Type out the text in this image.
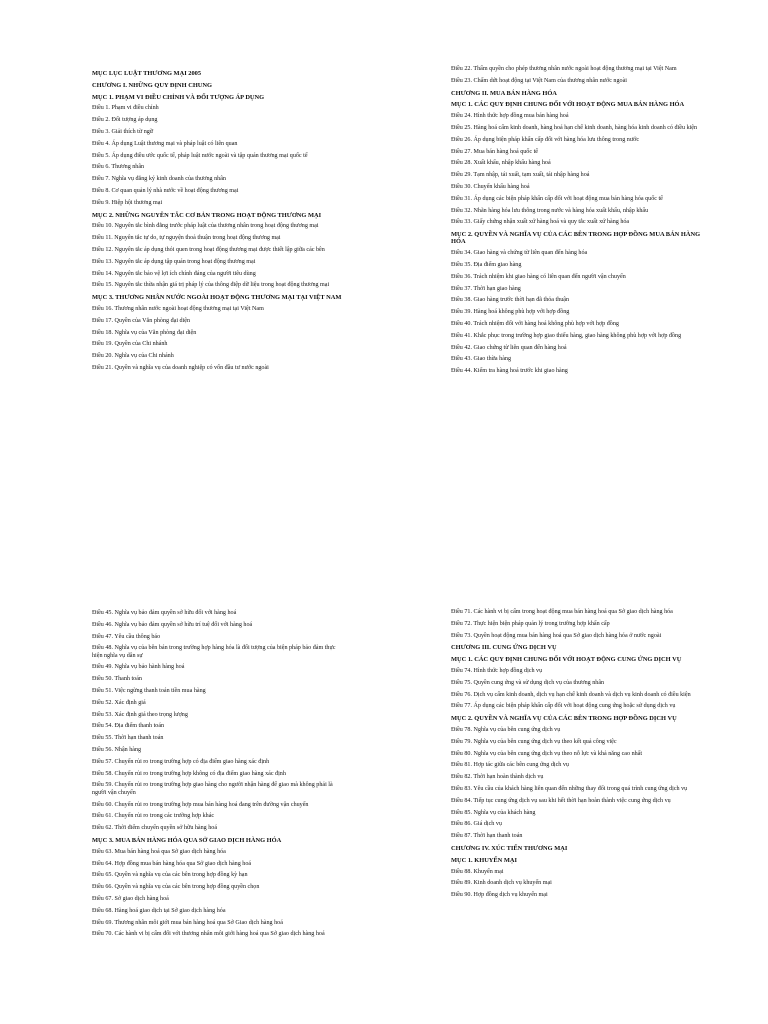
MỤC LỤC LUẬT THƯƠNG MẠI 2005
CHƯƠNG I. NHỮNG QUY ĐỊNH CHUNG
MỤC 1. PHẠM VI ĐIỀU CHỈNH VÀ ĐỐI TƯỢNG ÁP DỤNG
Điều 1. Phạm vi điều chỉnh
Điều 2. Đối tượng áp dụng
Điều 3. Giải thích từ ngữ
Điều 4. Áp dụng Luật thương mại và pháp luật có liên quan
Điều 5. Áp dụng điều ước quốc tế, pháp luật nước ngoài và tập quán thương mại quốc tế
Điều 6. Thương nhân
Điều 7. Nghĩa vụ đăng ký kinh doanh của thương nhân
Điều 8. Cơ quan quản lý nhà nước về hoạt động thương mại
Điều 9. Hiệp hội thương mại
MỤC 2. NHỮNG NGUYÊN TẮC CƠ BẢN TRONG HOẠT ĐỘNG THƯƠNG MẠI
Điều 10. Nguyên tắc bình đẳng trước pháp luật của thương nhân trong hoạt động thương mại
Điều 11. Nguyên tắc tự do, tự nguyện thoả thuận trong hoạt động thương mại
Điều 12. Nguyên tắc áp dụng thói quen trong hoạt động thương mại được thiết lập giữa các bên
Điều 13. Nguyên tắc áp dụng tập quán trong hoạt động thương mại
Điều 14. Nguyên tắc bảo vệ lợi ích chính đáng của người tiêu dùng
Điều 15. Nguyên tắc thừa nhận giá trị pháp lý của thông điệp dữ liệu trong hoạt động thương mại
MỤC 3. THƯƠNG NHÂN NƯỚC NGOÀI HOẠT ĐỘNG THƯƠNG MẠI TẠI VIỆT NAM
Điều 16. Thương nhân nước ngoài hoạt động thương mại tại Việt Nam
Điều 17. Quyền của Văn phòng đại diện
Điều 18. Nghĩa vụ của Văn phòng đại diện
Điều 19. Quyền của Chi nhánh
Điều 20. Nghĩa vụ của Chi nhánh
Điều 21. Quyền và nghĩa vụ của doanh nghiệp có vốn đầu tư nước ngoài
Điều 22. Thẩm quyền cho phép thương nhân nước ngoài hoạt động thương mại tại Việt Nam
Điều 23. Chấm dứt hoạt động tại Việt Nam của thương nhân nước ngoài
CHƯƠNG II. MUA BÁN HÀNG HÓA
MỤC 1. CÁC QUY ĐỊNH CHUNG ĐỐI VỚI HOẠT ĐỘNG MUA BÁN HÀNG HÓA
Điều 24. Hình thức hợp đồng mua bán hàng hoá
Điều 25. Hàng hoá cấm kinh doanh, hàng hoá hạn chế kinh doanh, hàng hóa kinh doanh có điều kiện
Điều 26. Áp dụng biện pháp khẩn cấp đối với hàng hóa lưu thông trong nước
Điều 27. Mua bán hàng hoá quốc tế
Điều 28. Xuất khẩu, nhập khẩu hàng hoá
Điều 29. Tạm nhập, tái xuất, tạm xuất, tái nhập hàng hoá
Điều 30. Chuyển khẩu hàng hoá
Điều 31. Áp dụng các biện pháp khẩn cấp đối với hoạt động mua bán hàng hóa quốc tế
Điều 32. Nhãn hàng hóa lưu thông trong nước và hàng hóa xuất khẩu, nhập khẩu
Điều 33. Giấy chứng nhận xuất xứ hàng hoá và quy tắc xuất xứ hàng hóa
MỤC 2. QUYỀN VÀ NGHĨA VỤ CỦA CÁC BÊN TRONG HỢP ĐỒNG MUA BÁN HÀNG HÓA
Điều 34. Giao hàng và chứng từ liên quan đến hàng hóa
Điều 35. Địa điểm giao hàng
Điều 36. Trách nhiệm khi giao hàng có liên quan đến người vận chuyển
Điều 37. Thời hạn giao hàng
Điều 38. Giao hàng trước thời hạn đã thỏa thuận
Điều 39. Hàng hoá không phù hợp với hợp đồng
Điều 40. Trách nhiệm đối với hàng hoá không phù hợp với hợp đồng
Điều 41. Khắc phục trong trường hợp giao thiếu hàng, giao hàng không phù hợp với hợp đồng
Điều 42. Giao chứng từ liên quan đến hàng hoá
Điều 43. Giao thừa hàng
Điều 44. Kiểm tra hàng hoá trước khi giao hàng
Điều 45. Nghĩa vụ bảo đảm quyền sở hữu đối với hàng hoá
Điều 46. Nghĩa vụ bảo đảm quyền sở hữu trí tuệ đối với hàng hoá
Điều 47. Yêu cầu thông báo
Điều 48. Nghĩa vụ của bên bán trong trường hợp hàng hóa là đối tượng của biện pháp bảo đảm thực hiện nghĩa vụ dân sự
Điều 49. Nghĩa vụ bảo hành hàng hoá
Điều 50. Thanh toán
Điều 51. Việc ngừng thanh toán tiền mua hàng
Điều 52. Xác định giá
Điều 53. Xác định giá theo trọng lượng
Điều 54. Địa điểm thanh toán
Điều 55. Thời hạn thanh toán
Điều 56. Nhận hàng
Điều 57. Chuyển rủi ro trong trường hợp có địa điểm giao hàng xác định
Điều 58. Chuyển rủi ro trong trường hợp không có địa điểm giao hàng xác định
Điều 59. Chuyển rủi ro trong trường hợp giao hàng cho người nhận hàng để giao mà không phải là người vận chuyển
Điều 60. Chuyển rủi ro trong trường hợp mua bán hàng hoá đang trên đường vận chuyển
Điều 61. Chuyển rủi ro trong các trường hợp khác
Điều 62. Thời điểm chuyển quyền sở hữu hàng hoá
MỤC 3. MUA BÁN HÀNG HÓA QUA SỞ GIAO DỊCH HÀNG HÓA
Điều 63. Mua bán hàng hoá qua Sở giao dịch hàng hóa
Điều 64. Hợp đồng mua bán hàng hóa qua Sở giao dịch hàng hoá
Điều 65. Quyền và nghĩa vụ của các bên trong hợp đồng kỳ hạn
Điều 66. Quyền và nghĩa vụ của các bên trong hợp đồng quyền chọn
Điều 67. Sở giao dịch hàng hoá
Điều 68. Hàng hoá giao dịch tại Sở giao dịch hàng hóa
Điều 69. Thương nhân môi giới mua bán hàng hoá qua Sở Giao dịch hàng hoá
Điều 70. Các hành vi bị cấm đối với thương nhân môi giới hàng hoá qua Sở giao dịch hàng hoá
Điều 71. Các hành vi bị cấm trong hoạt động mua bán hàng hoá qua Sở giao dịch hàng hóa
Điều 72. Thực hiện biện pháp quản lý trong trường hợp khẩn cấp
Điều 73. Quyền hoạt động mua bán hàng hoá qua Sở giao dịch hàng hóa ở nước ngoài
CHƯƠNG III. CUNG ỨNG DỊCH VỤ
MỤC 1. CÁC QUY ĐỊNH CHUNG ĐỐI VỚI HOẠT ĐỘNG CUNG ỨNG DỊCH VỤ
Điều 74. Hình thức hợp đồng dịch vụ
Điều 75. Quyền cung ứng và sử dụng dịch vụ của thương nhân
Điều 76. Dịch vụ cấm kinh doanh, dịch vụ hạn chế kinh doanh và dịch vụ kinh doanh có điều kiện
Điều 77. Áp dụng các biện pháp khẩn cấp đối với hoạt động cung ứng hoặc sử dụng dịch vụ
MỤC 2. QUYỀN VÀ NGHĨA VỤ CỦA CÁC BÊN TRONG HỢP ĐỒNG DỊCH VỤ
Điều 78. Nghĩa vụ của bên cung ứng dịch vụ
Điều 79. Nghĩa vụ của bên cung ứng dịch vụ theo kết quả công việc
Điều 80. Nghĩa vụ của bên cung ứng dịch vụ theo nỗ lực và khả năng cao nhất
Điều 81. Hợp tác giữa các bên cung ứng dịch vụ
Điều 82. Thời hạn hoàn thành dịch vụ
Điều 83. Yêu cầu của khách hàng liên quan đến những thay đổi trong quá trình cung ứng dịch vụ
Điều 84. Tiếp tục cung ứng dịch vụ sau khi hết thời hạn hoàn thành việc cung ứng dịch vụ
Điều 85. Nghĩa vụ của khách hàng
Điều 86. Giá dịch vụ
Điều 87. Thời hạn thanh toán
CHƯƠNG IV. XÚC TIẾN THƯƠNG MẠI
MỤC 1. KHUYẾN MẠI
Điều 88. Khuyến mại
Điều 89. Kinh doanh dịch vụ khuyến mại
Điều 90. Hợp đồng dịch vụ khuyến mại
